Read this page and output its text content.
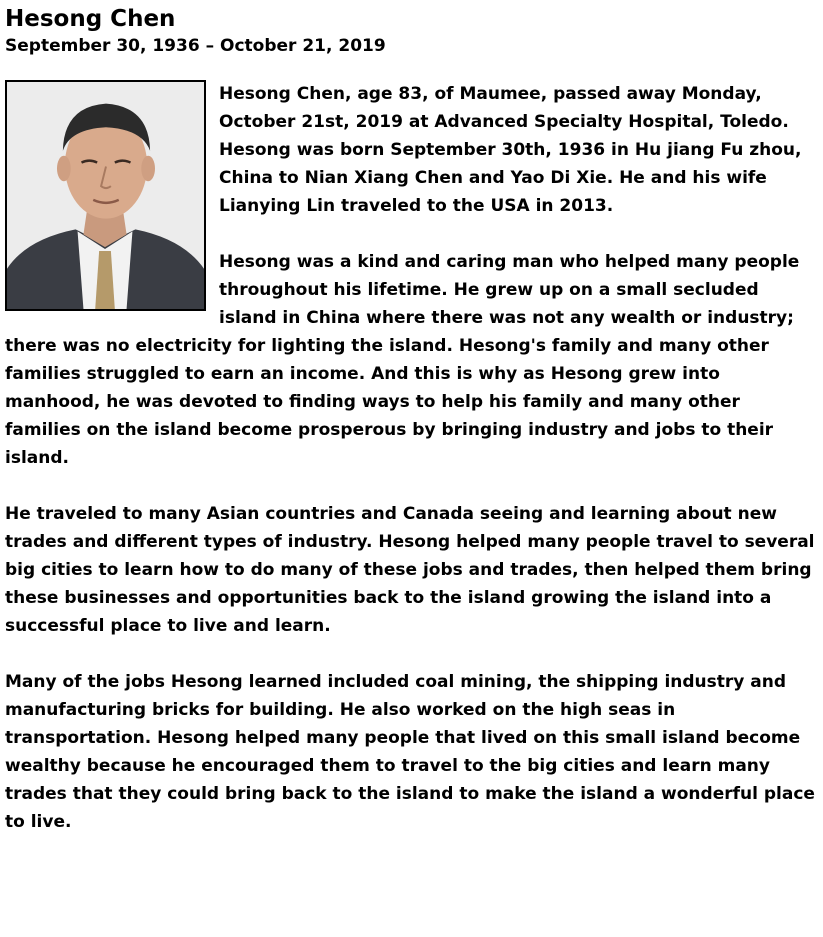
Hesong Chen
September 30, 1936 – October 21, 2019

Hesong Chen, age 83, of Maumee, passed away Monday, October 21st, 2019 at Advanced Specialty Hospital, Toledo. Hesong was born September 30th, 1936 in Hu jiang Fu zhou, China to Nian Xiang Chen and Yao Di Xie. He and his wife Lianying Lin traveled to the USA in 2013.

Hesong was a kind and caring man who helped many people throughout his lifetime. He grew up on a small secluded island in China where there was not any wealth or industry; there was no electricity for lighting the island. Hesong's family and many other families struggled to earn an income. And this is why as Hesong grew into manhood, he was devoted to finding ways to help his family and many other families on the island become prosperous by bringing industry and jobs to their island.

He traveled to many Asian countries and Canada seeing and learning about new trades and different types of industry. Hesong helped many people travel to several big cities to learn how to do many of these jobs and trades, then helped them bring these businesses and opportunities back to the island growing the island into a successful place to live and learn.

Many of the jobs Hesong learned included coal mining, the shipping industry and manufacturing bricks for building. He also worked on the high seas in transportation. Hesong helped many people that lived on this small island become wealthy because he encouraged them to travel to the big cities and learn many trades that they could bring back to the island to make the island a wonderful place to live.
